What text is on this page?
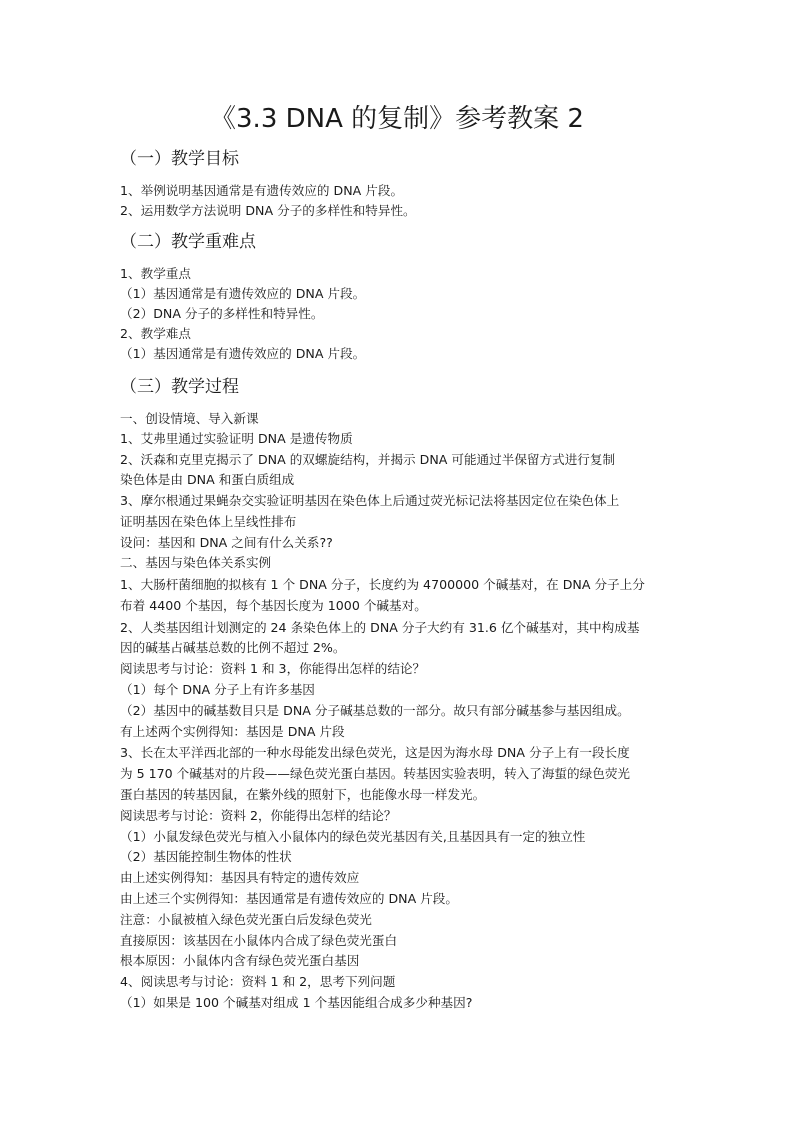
《3.3 DNA 的复制》参考教案 2
（一）教学目标

1、举例说明基因通常是有遗传效应的 DNA 片段。

2、运用数学方法说明 DNA 分子的多样性和特异性。

（二）教学重难点

1、教学重点

（1）基因通常是有遗传效应的 DNA 片段。

（2）DNA 分子的多样性和特异性。

2、教学难点

（1）基因通常是有遗传效应的 DNA 片段。

（三）教学过程

一、创设情境、导入新课

1、艾弗里通过实验证明 DNA 是遗传物质

2、沃森和克里克揭示了 DNA 的双螺旋结构，并揭示 DNA 可能通过半保留方式进行复制

染色体是由 DNA 和蛋白质组成

3、摩尔根通过果蝇杂交实验证明基因在染色体上后通过荧光标记法将基因定位在染色体上

证明基因在染色体上呈线性排布

设问：基因和 DNA 之间有什么关系??

二、基因与染色体关系实例

1、大肠杆菌细胞的拟核有 1 个 DNA 分子，长度约为 4700000 个碱基对，在 DNA 分子上分

布着 4400 个基因，每个基因长度为 1000 个碱基对。

2、人类基因组计划测定的 24 条染色体上的 DNA 分子大约有 31.6 亿个碱基对，其中构成基

因的碱基占碱基总数的比例不超过 2%。

阅读思考与讨论：资料 1 和 3，你能得出怎样的结论？

（1）每个 DNA 分子上有许多基因

（2）基因中的碱基数目只是 DNA 分子碱基总数的一部分。故只有部分碱基参与基因组成。

有上述两个实例得知：基因是 DNA 片段

3、长在太平洋西北部的一种水母能发出绿色荧光，这是因为海水母 DNA 分子上有一段长度

为 5 170 个碱基对的片段——绿色荧光蛋白基因。转基因实验表明，转入了海蜇的绿色荧光

蛋白基因的转基因鼠，在紫外线的照射下，也能像水母一样发光。

阅读思考与讨论：资料 2，你能得出怎样的结论？

（1）小鼠发绿色荧光与植入小鼠体内的绿色荧光基因有关,且基因具有一定的独立性

（2）基因能控制生物体的性状

由上述实例得知：基因具有特定的遗传效应

由上述三个实例得知：基因通常是有遗传效应的 DNA 片段。

注意：小鼠被植入绿色荧光蛋白后发绿色荧光

直接原因：该基因在小鼠体内合成了绿色荧光蛋白

根本原因：小鼠体内含有绿色荧光蛋白基因

4、阅读思考与讨论：资料 1 和 2，思考下列问题

（1）如果是 100 个碱基对组成 1 个基因能组合成多少种基因?
